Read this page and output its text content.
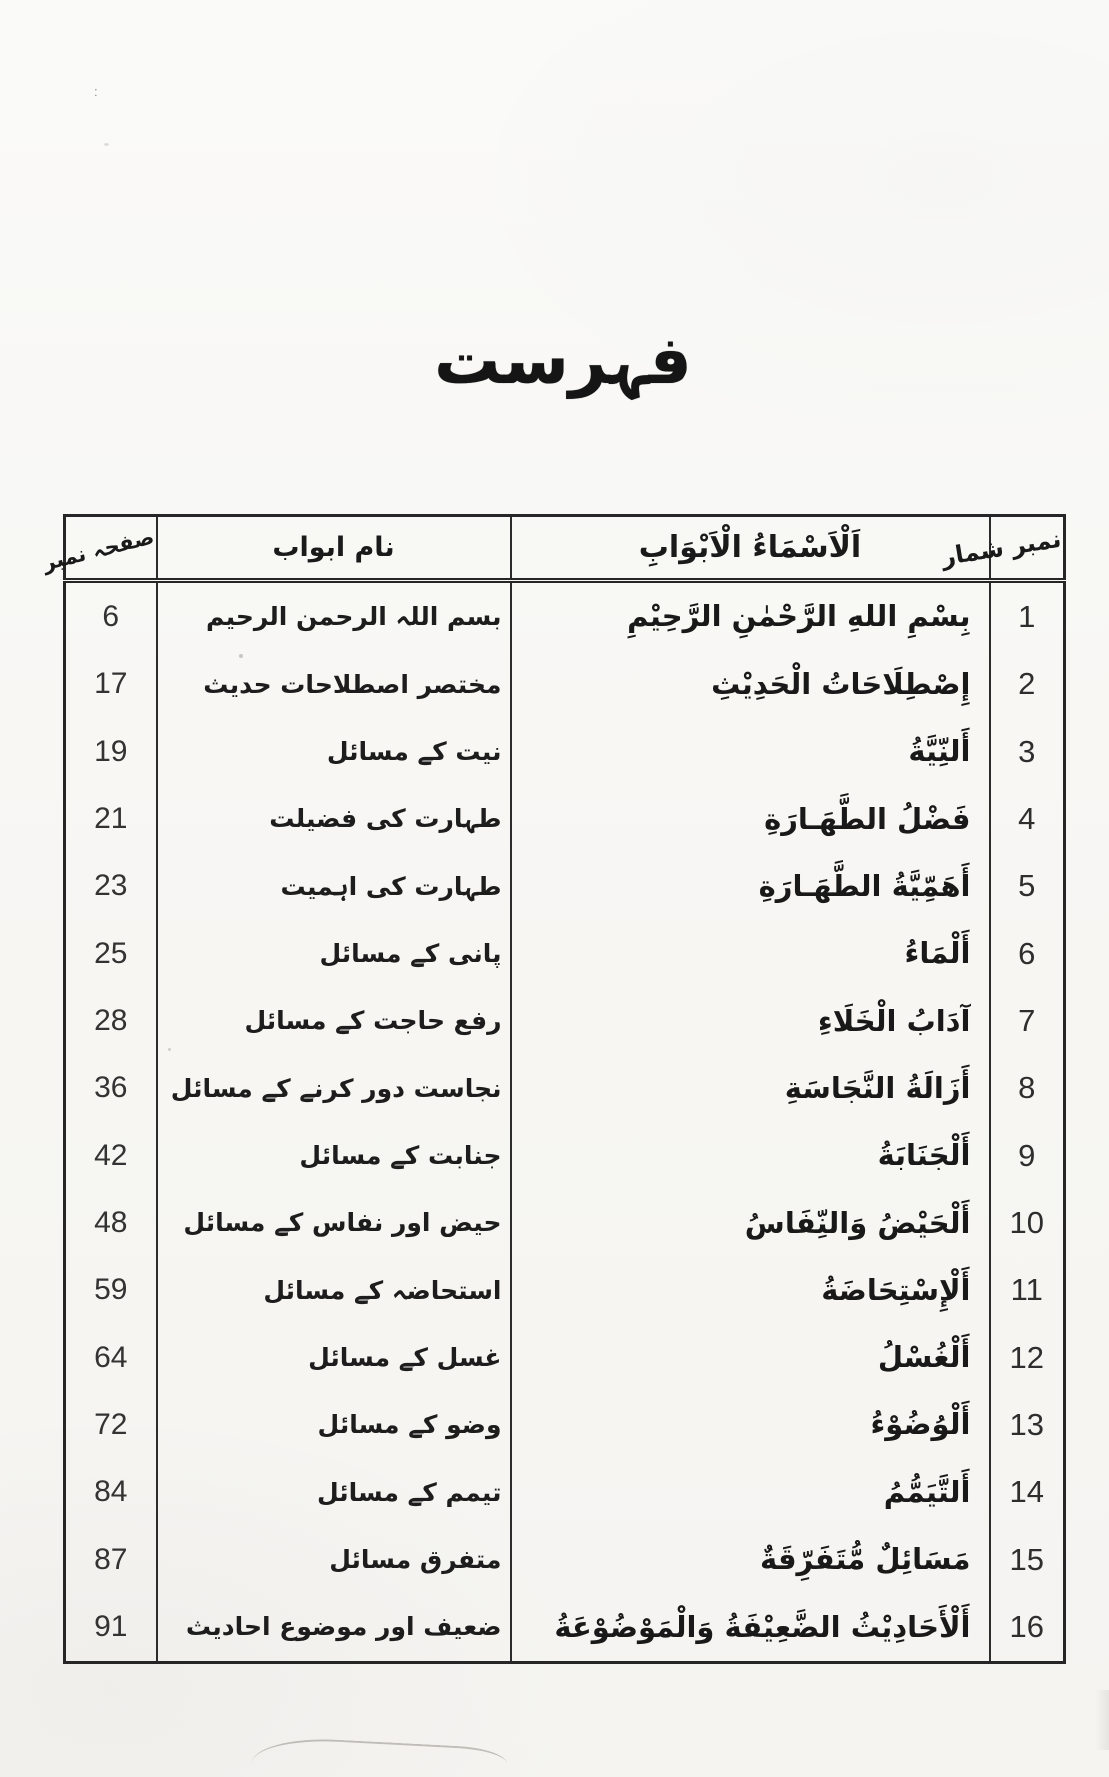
:
فہرست
نمبر شمار	اَلْاَسْمَاءُ الْاَبْوَابِ	نام ابواب	صفحہ نمبر
1	بِسْمِ اللهِ الرَّحْمٰنِ الرَّحِيْمِ	بسم اللہ الرحمن الرحیم	6
2	إِصْطِلَاحَاتُ الْحَدِيْثِ	مختصر اصطلاحات حدیث	17
3	أَلنِّيَّةُ	نیت کے مسائل	19
4	فَضْلُ الطَّهَـارَةِ	طہارت کی فضیلت	21
5	أَهَمِّيَّةُ الطَّهَـارَةِ	طہارت کی اہمیت	23
6	أَلْمَاءُ	پانی کے مسائل	25
7	آدَابُ الْخَلَاءِ	رفع حاجت کے مسائل	28
8	أَزَالَةُ النَّجَاسَةِ	نجاست دور کرنے کے مسائل	36
9	أَلْجَنَابَةُ	جنابت کے مسائل	42
10	أَلْحَيْضُ وَالنِّفَاسُ	حیض اور نفاس کے مسائل	48
11	أَلْإِسْتِحَاضَةُ	استحاضہ کے مسائل	59
12	أَلْغُسْلُ	غسل کے مسائل	64
13	أَلْوُضُوْءُ	وضو کے مسائل	72
14	أَلتَّيَمُّمُ	تیمم کے مسائل	84
15	مَسَائِلٌ مُّتَفَرِّقَةٌ	متفرق مسائل	87
16	أَلْأَحَادِيْثُ الضَّعِيْفَةُ وَالْمَوْضُوْعَةُ	ضعیف اور موضوع احادیث	91
